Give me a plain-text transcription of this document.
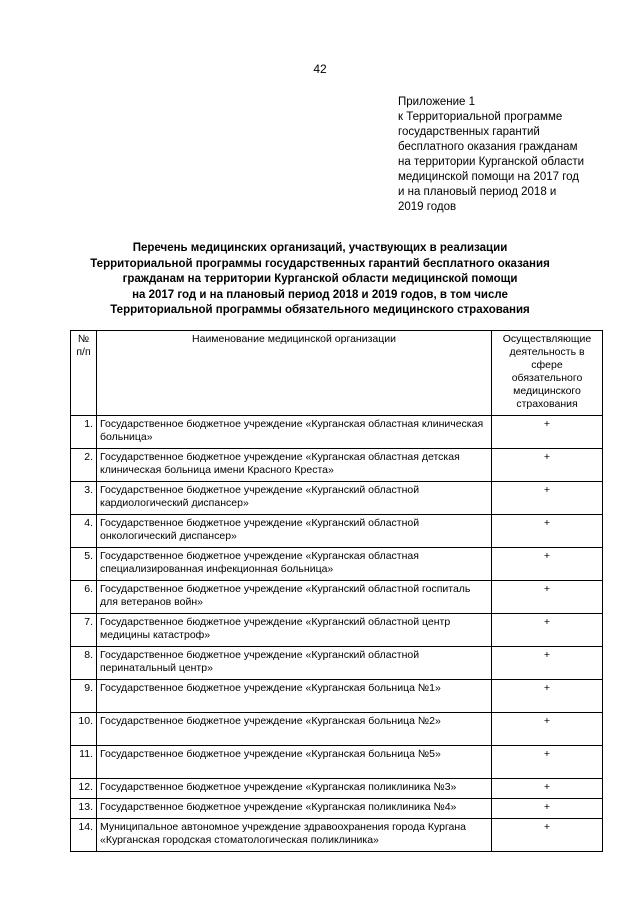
42
Приложение 1
к Территориальной программе
государственных гарантий
бесплатного оказания гражданам
на территории Курганской области
медицинской помощи на 2017 год
и на плановый период 2018 и
2019 годов
Перечень медицинских организаций, участвующих в реализации
Территориальной программы государственных гарантий бесплатного оказания
гражданам на территории Курганской области медицинской помощи
на 2017 год и на плановый период 2018 и 2019 годов, в том числе
Территориальной программы обязательного медицинского страхования
№ п/п	Наименование медицинской организации	Осуществляющие деятельность в сфере обязательного медицинского страхования
1.	Государственное бюджетное учреждение «Курганская областная клиническая больница»	+
2.	Государственное бюджетное учреждение «Курганская областная детская клиническая больница имени Красного Креста»	+
3.	Государственное бюджетное учреждение «Курганский областной кардиологический диспансер»	+
4.	Государственное бюджетное учреждение «Курганский областной онкологический диспансер»	+
5.	Государственное бюджетное учреждение «Курганская областная специализированная инфекционная больница»	+
6.	Государственное бюджетное учреждение «Курганский областной госпиталь для ветеранов войн»	+
7.	Государственное бюджетное учреждение «Курганский областной центр медицины катастроф»	+
8.	Государственное бюджетное учреждение «Курганский областной перинатальный центр»	+
9.	Государственное бюджетное учреждение «Курганская больница №1»	+
10.	Государственное бюджетное учреждение «Курганская больница №2»	+
11.	Государственное бюджетное учреждение «Курганская больница №5»	+
12.	Государственное бюджетное учреждение «Курганская поликлиника №3»	+
13.	Государственное бюджетное учреждение «Курганская поликлиника №4»	+
14.	Муниципальное автономное учреждение здравоохранения города Кургана «Курганская городская стоматологическая поликлиника»	+
